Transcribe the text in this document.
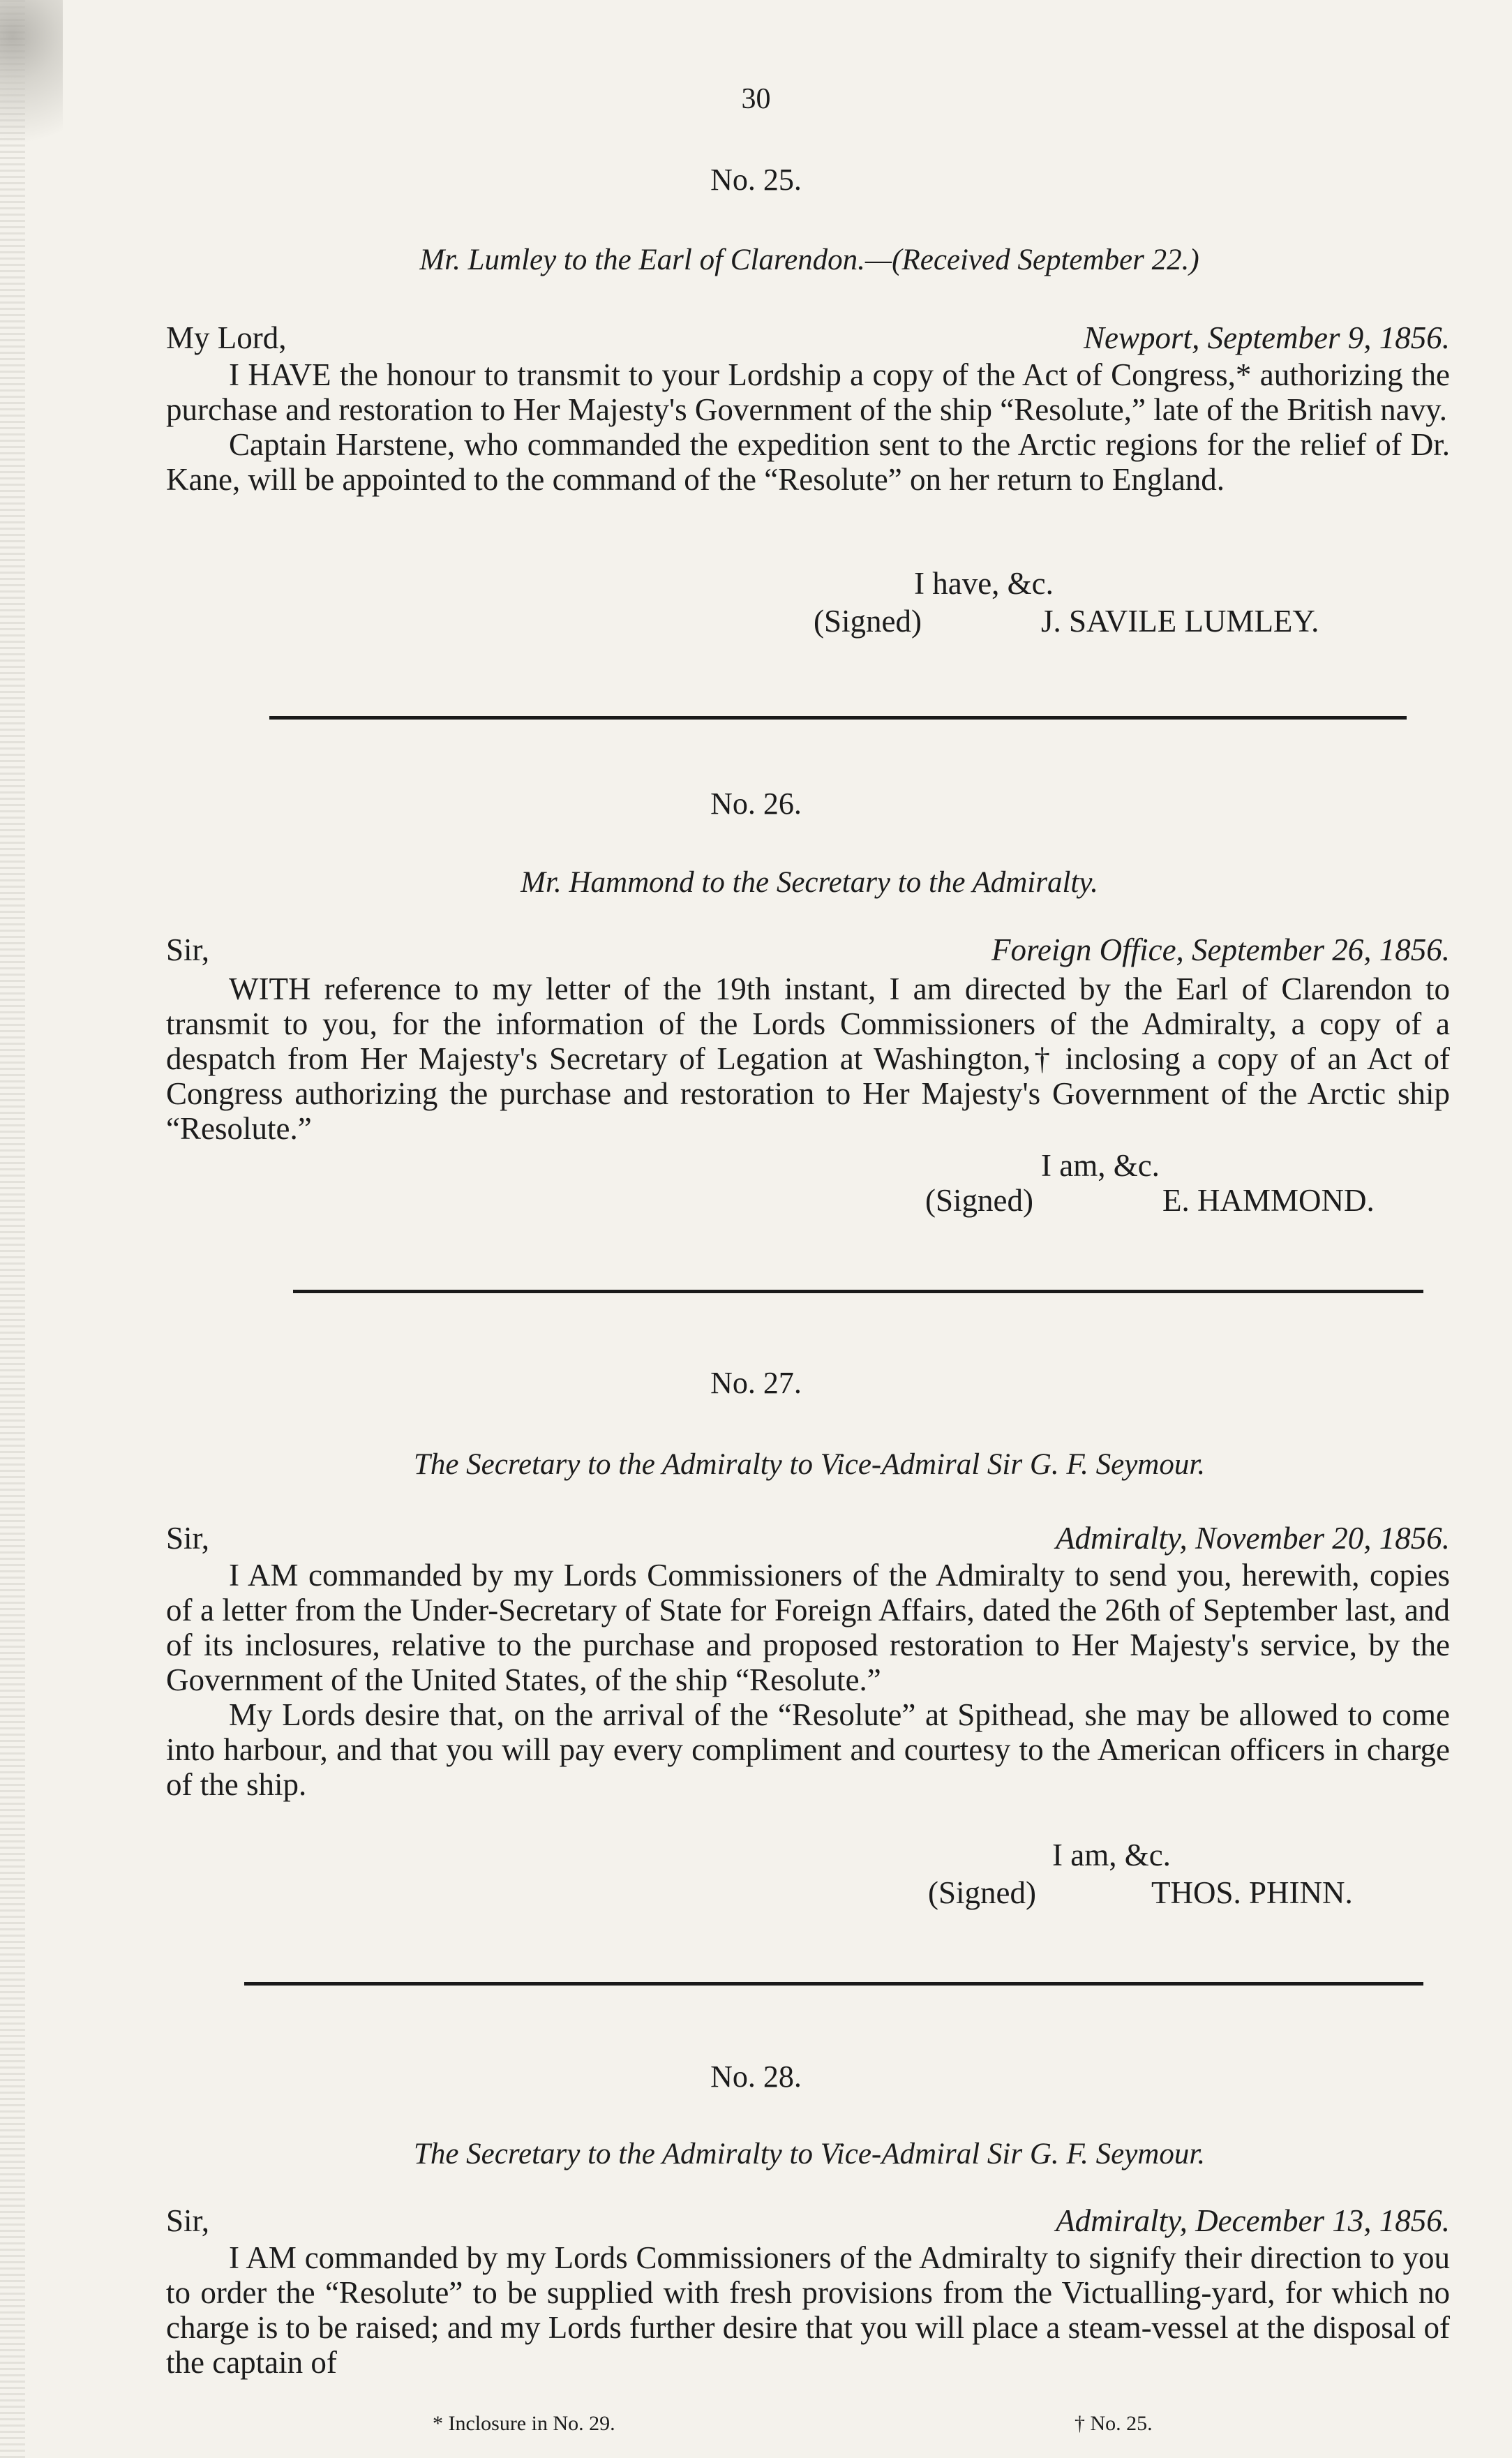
30
No. 25.
Mr. Lumley to the Earl of Clarendon.—(Received September 22.)
My Lord,	Newport, September 9, 1856.

I HAVE the honour to transmit to your Lordship a copy of the Act of Congress,* authorizing the purchase and restoration to Her Majesty's Government of the ship “Resolute,” late of the British navy.

Captain Harstene, who commanded the expedition sent to the Arctic regions for the relief of Dr. Kane, will be appointed to the command of the “Resolute” on her return to England.

I have, &c.
(Signed)	J. SAVILE LUMLEY.
No. 26.
Mr. Hammond to the Secretary to the Admiralty.
Sir,	Foreign Office, September 26, 1856.

WITH reference to my letter of the 19th instant, I am directed by the Earl of Clarendon to transmit to you, for the information of the Lords Commissioners of the Admiralty, a copy of a despatch from Her Majesty's Secretary of Legation at Washington,† inclosing a copy of an Act of Congress authorizing the purchase and restoration to Her Majesty's Government of the Arctic ship “Resolute.”

I am, &c.
(Signed)	E. HAMMOND.
No. 27.
The Secretary to the Admiralty to Vice-Admiral Sir G. F. Seymour.
Sir,	Admiralty, November 20, 1856.

I AM commanded by my Lords Commissioners of the Admiralty to send you, herewith, copies of a letter from the Under-Secretary of State for Foreign Affairs, dated the 26th of September last, and of its inclosures, relative to the purchase and proposed restoration to Her Majesty's service, by the Government of the United States, of the ship “Resolute.”

My Lords desire that, on the arrival of the “Resolute” at Spithead, she may be allowed to come into harbour, and that you will pay every compliment and courtesy to the American officers in charge of the ship.

I am, &c.
(Signed)	THOS. PHINN.
No. 28.
The Secretary to the Admiralty to Vice-Admiral Sir G. F. Seymour.
Sir,	Admiralty, December 13, 1856.

I AM commanded by my Lords Commissioners of the Admiralty to signify their direction to you to order the “Resolute” to be supplied with fresh provisions from the Victualling-yard, for which no charge is to be raised; and my Lords further desire that you will place a steam-vessel at the disposal of the captain of

* Inclosure in No. 29.	† No. 25.
